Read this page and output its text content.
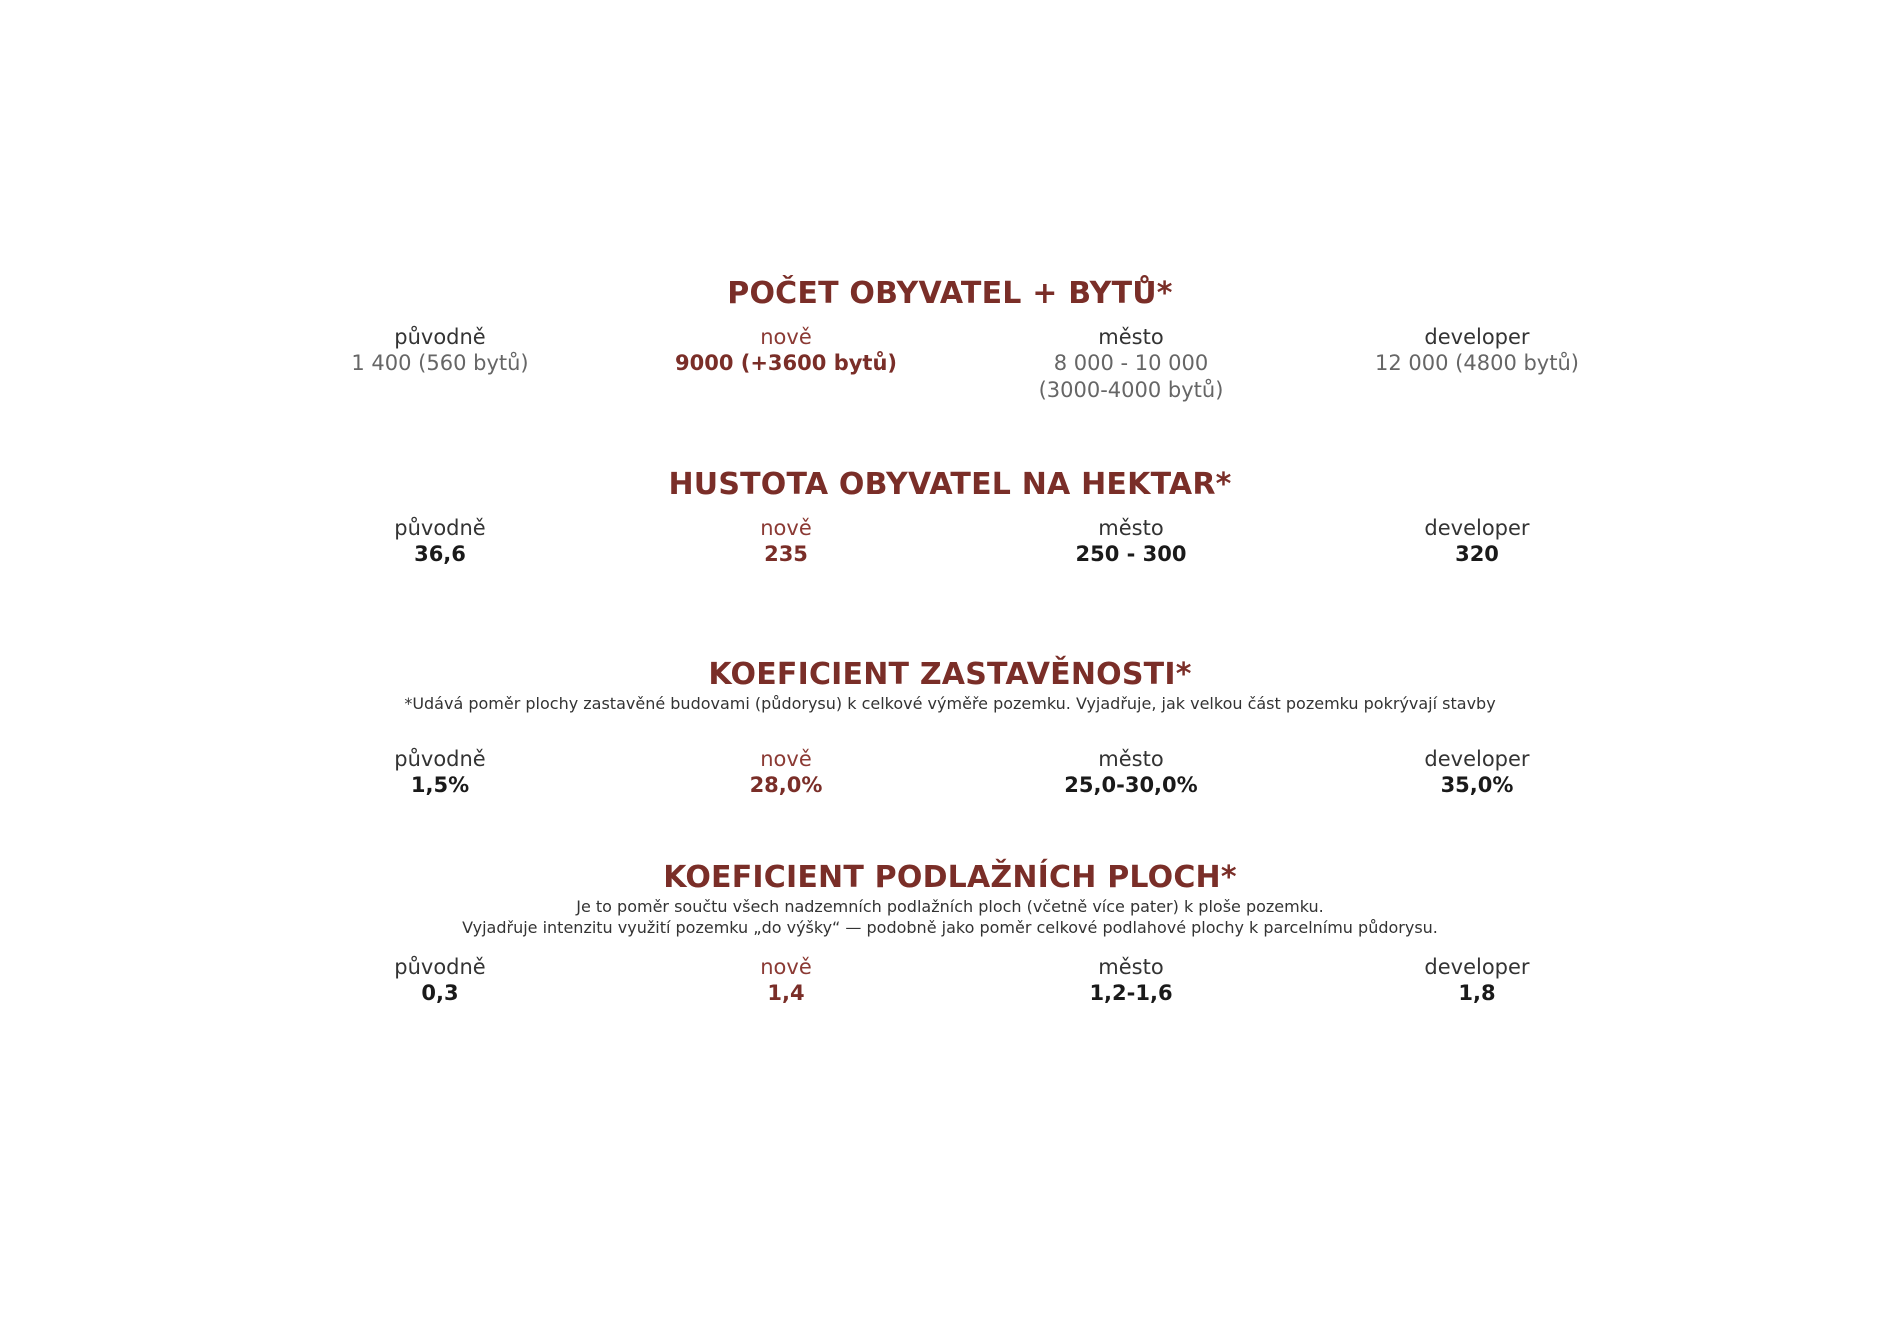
POČET OBYVATEL + BYTŮ*
původně
1 400 (560 bytů)
nově
9000 (+3600 bytů)
město
8 000 - 10 000
(3000-4000 bytů)
developer
12 000 (4800 bytů)
HUSTOTA OBYVATEL NA HEKTAR*
původně
36,6
nově
235
město
250 - 300
developer
320
KOEFICIENT ZASTAVĚNOSTI*

*Udává poměr plochy zastavěné budovami (půdorysu) k celkové výměře pozemku. Vyjadřuje, jak velkou část pozemku pokrývají stavby

původně
1,5%
nově
28,0%
město
25,0-30,0%
developer
35,0%
KOEFICIENT PODLAŽNÍCH PLOCH*

Je to poměr součtu všech nadzemních podlažních ploch (včetně více pater) k ploše pozemku.

Vyjadřuje intenzitu využití pozemku „do výšky“ — podobně jako poměr celkové podlahové plochy k parcelnímu půdorysu.

původně
0,3
nově
1,4
město
1,2-1,6
developer
1,8
